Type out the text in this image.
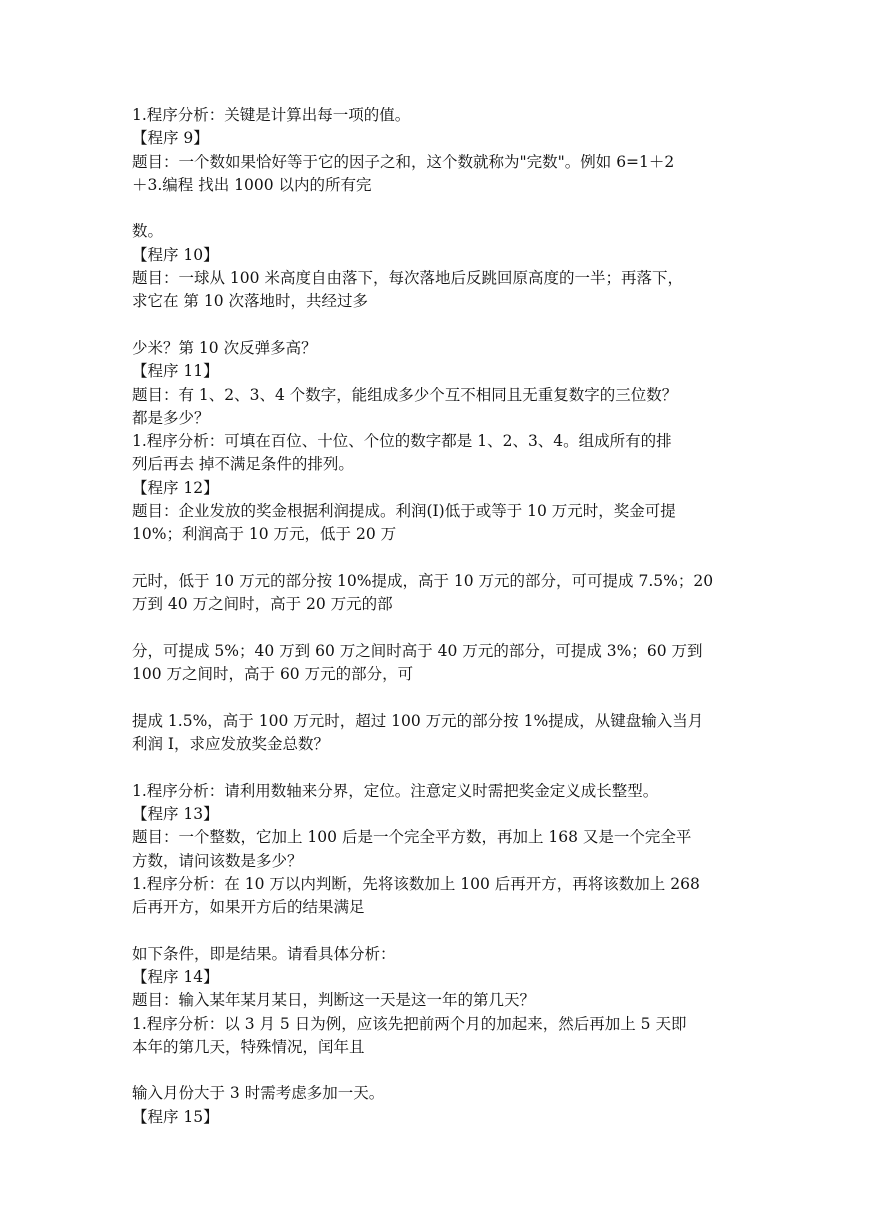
1.程序分析：关键是计算出每一项的值。
【程序 9】
题目：一个数如果恰好等于它的因子之和，这个数就称为"完数"。例如 6=1＋2
＋3.编程 找出 1000 以内的所有完
数。
【程序 10】
题目：一球从 100 米高度自由落下，每次落地后反跳回原高度的一半；再落下，
求它在 第 10 次落地时，共经过多
少米？第 10 次反弹多高？
【程序 11】
题目：有 1、2、3、4 个数字，能组成多少个互不相同且无重复数字的三位数？
都是多少？
1.程序分析：可填在百位、十位、个位的数字都是 1、2、3、4。组成所有的排
列后再去 掉不满足条件的排列。
【程序 12】
题目：企业发放的奖金根据利润提成。利润(I)低于或等于 10 万元时，奖金可提
10%；利润高于 10 万元，低于 20 万
元时，低于 10 万元的部分按 10%提成，高于 10 万元的部分，可可提成 7.5%；20
万到 40 万之间时，高于 20 万元的部
分，可提成 5%；40 万到 60 万之间时高于 40 万元的部分，可提成 3%；60 万到
100 万之间时，高于 60 万元的部分，可
提成 1.5%，高于 100 万元时，超过 100 万元的部分按 1%提成，从键盘输入当月
利润 I，求应发放奖金总数？
1.程序分析：请利用数轴来分界，定位。注意定义时需把奖金定义成长整型。
【程序 13】
题目：一个整数，它加上 100 后是一个完全平方数，再加上 168 又是一个完全平
方数，请问该数是多少？
1.程序分析：在 10 万以内判断，先将该数加上 100 后再开方，再将该数加上 268
后再开方，如果开方后的结果满足
如下条件，即是结果。请看具体分析：
【程序 14】
题目：输入某年某月某日，判断这一天是这一年的第几天？
1.程序分析：以 3 月 5 日为例，应该先把前两个月的加起来，然后再加上 5 天即
本年的第几天，特殊情况，闰年且
输入月份大于 3 时需考虑多加一天。
【程序 15】
